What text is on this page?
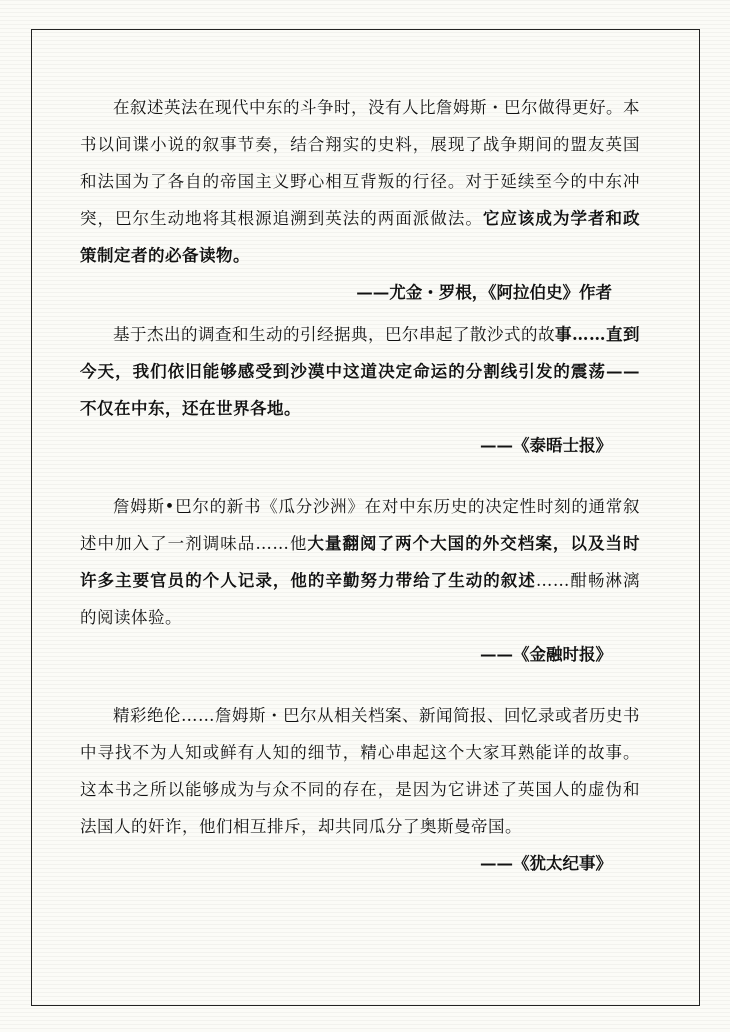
在叙述英法在现代中东的斗争时，没有人比詹姆斯・巴尔做得更好。本书以间谍小说的叙事节奏，结合翔实的史料，展现了战争期间的盟友英国和法国为了各自的帝国主义野心相互背叛的行径。对于延续至今的中东冲突，巴尔生动地将其根源追溯到英法的两面派做法。它应该成为学者和政策制定者的必备读物。

——尤金・罗根，《阿拉伯史》作者

基于杰出的调查和生动的引经据典，巴尔串起了散沙式的故事……直到今天，我们依旧能够感受到沙漠中这道决定命运的分割线引发的震荡——不仅在中东，还在世界各地。

——《泰晤士报》

詹姆斯•巴尔的新书《瓜分沙洲》在对中东历史的决定性时刻的通常叙述中加入了一剂调味品……他大量翻阅了两个大国的外交档案，以及当时许多主要官员的个人记录，他的辛勤努力带给了生动的叙述……酣畅淋漓的阅读体验。

——《金融时报》

精彩绝伦……詹姆斯・巴尔从相关档案、新闻简报、回忆录或者历史书中寻找不为人知或鲜有人知的细节，精心串起这个大家耳熟能详的故事。这本书之所以能够成为与众不同的存在，是因为它讲述了英国人的虚伪和法国人的奸诈，他们相互排斥，却共同瓜分了奥斯曼帝国。

——《犹太纪事》
